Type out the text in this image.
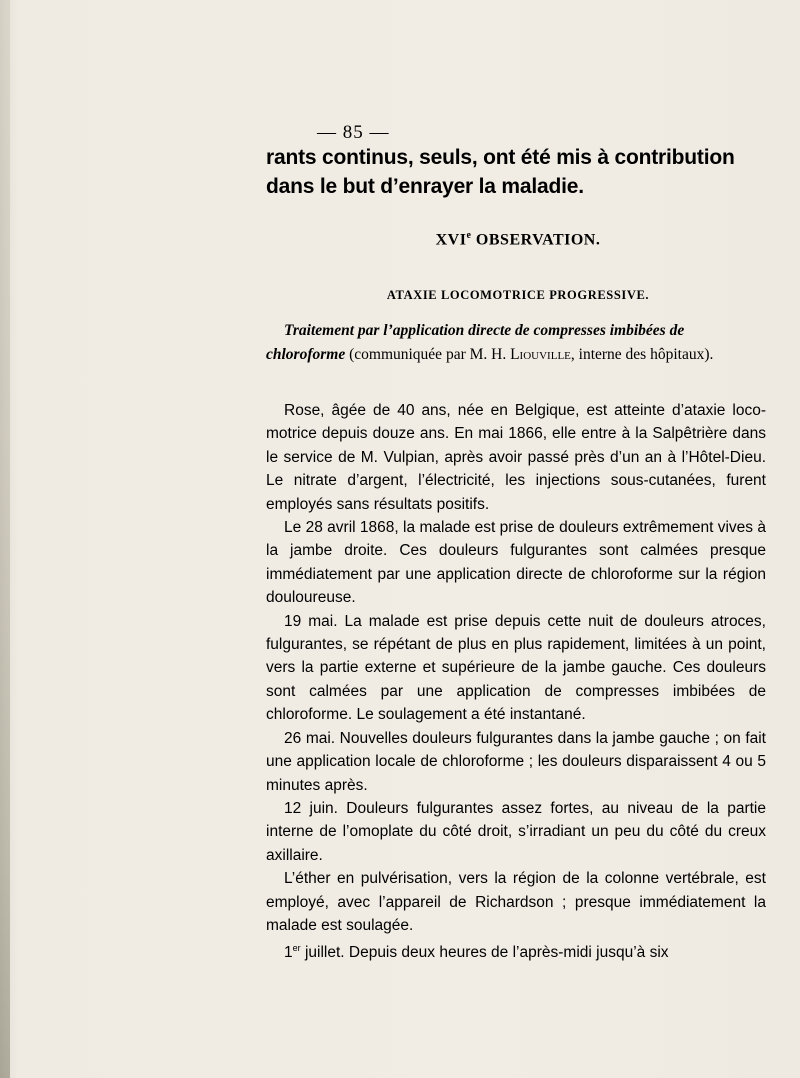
— 85 —
rants continus, seuls, ont été mis à contribution dans le but d’enrayer la maladie.
XVIe OBSERVATION.
ATAXIE LOCOMOTRICE PROGRESSIVE.
Traitement par l’application directe de compresses imbibées de chloroforme (communiquée par M. H. Liouville, interne des hôpitaux).

Rose, âgée de 40 ans, née en Belgique, est atteinte d’ataxie loco-motrice depuis douze ans. En mai 1866, elle entre à la Salpêtrière dans le service de M. Vulpian, après avoir passé près d’un an à l’Hôtel-Dieu. Le nitrate d’argent, l’électricité, les injections sous-cutanées, furent employés sans résultats positifs.

Le 28 avril 1868, la malade est prise de douleurs extrêmement vives à la jambe droite. Ces douleurs fulgurantes sont calmées presque immédiatement par une application directe de chloroforme sur la région douloureuse.

19 mai. La malade est prise depuis cette nuit de douleurs atroces, fulgurantes, se répétant de plus en plus rapidement, limitées à un point, vers la partie externe et supérieure de la jambe gauche. Ces douleurs sont calmées par une application de compresses imbibées de chloroforme. Le soulagement a été instantané.

26 mai. Nouvelles douleurs fulgurantes dans la jambe gauche ; on fait une application locale de chloroforme ; les douleurs disparaissent 4 ou 5 minutes après.

12 juin. Douleurs fulgurantes assez fortes, au niveau de la partie interne de l’omoplate du côté droit, s’irradiant un peu du côté du creux axillaire.

L’éther en pulvérisation, vers la région de la colonne vertébrale, est employé, avec l’appareil de Richardson ; presque immédiatement la malade est soulagée.

1er juillet. Depuis deux heures de l’après-midi jusqu’à six
